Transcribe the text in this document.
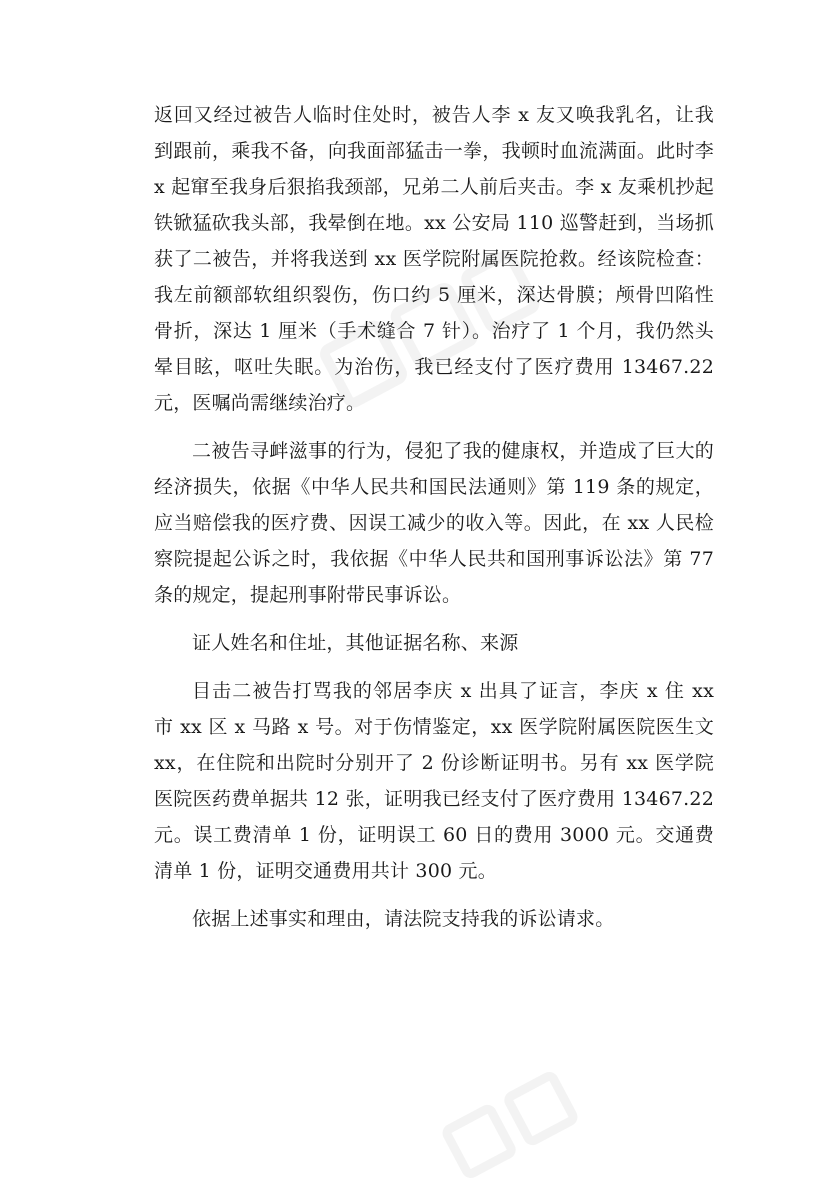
返回又经过被告人临时住处时，被告人李 x 友又唤我乳名，让我到跟前，乘我不备，向我面部猛击一拳，我顿时血流满面。此时李 x 起窜至我身后狠掐我颈部，兄弟二人前后夹击。李 x 友乘机抄起铁锨猛砍我头部，我晕倒在地。xx 公安局 110 巡警赶到，当场抓获了二被告，并将我送到 xx 医学院附属医院抢救。经该院检查：我左前额部软组织裂伤，伤口约 5 厘米，深达骨膜；颅骨凹陷性骨折，深达 1 厘米（手术缝合 7 针）。治疗了 1 个月，我仍然头晕目眩，呕吐失眠。为治伤，我已经支付了医疗费用 13467.22 元，医嘱尚需继续治疗。

二被告寻衅滋事的行为，侵犯了我的健康权，并造成了巨大的经济损失，依据《中华人民共和国民法通则》第 119 条的规定，应当赔偿我的医疗费、因误工减少的收入等。因此，在 xx 人民检察院提起公诉之时，我依据《中华人民共和国刑事诉讼法》第 77 条的规定，提起刑事附带民事诉讼。

证人姓名和住址，其他证据名称、来源

目击二被告打骂我的邻居李庆 x 出具了证言，李庆 x 住 xx 市 xx 区 x 马路 x 号。对于伤情鉴定，xx 医学院附属医院医生文 xx，在住院和出院时分别开了 2 份诊断证明书。另有 xx 医学院医院医药费单据共 12 张，证明我已经支付了医疗费用 13467.22 元。误工费清单 1 份，证明误工 60 日的费用 3000 元。交通费清单 1 份，证明交通费用共计 300 元。

依据上述事实和理由，请法院支持我的诉讼请求。
